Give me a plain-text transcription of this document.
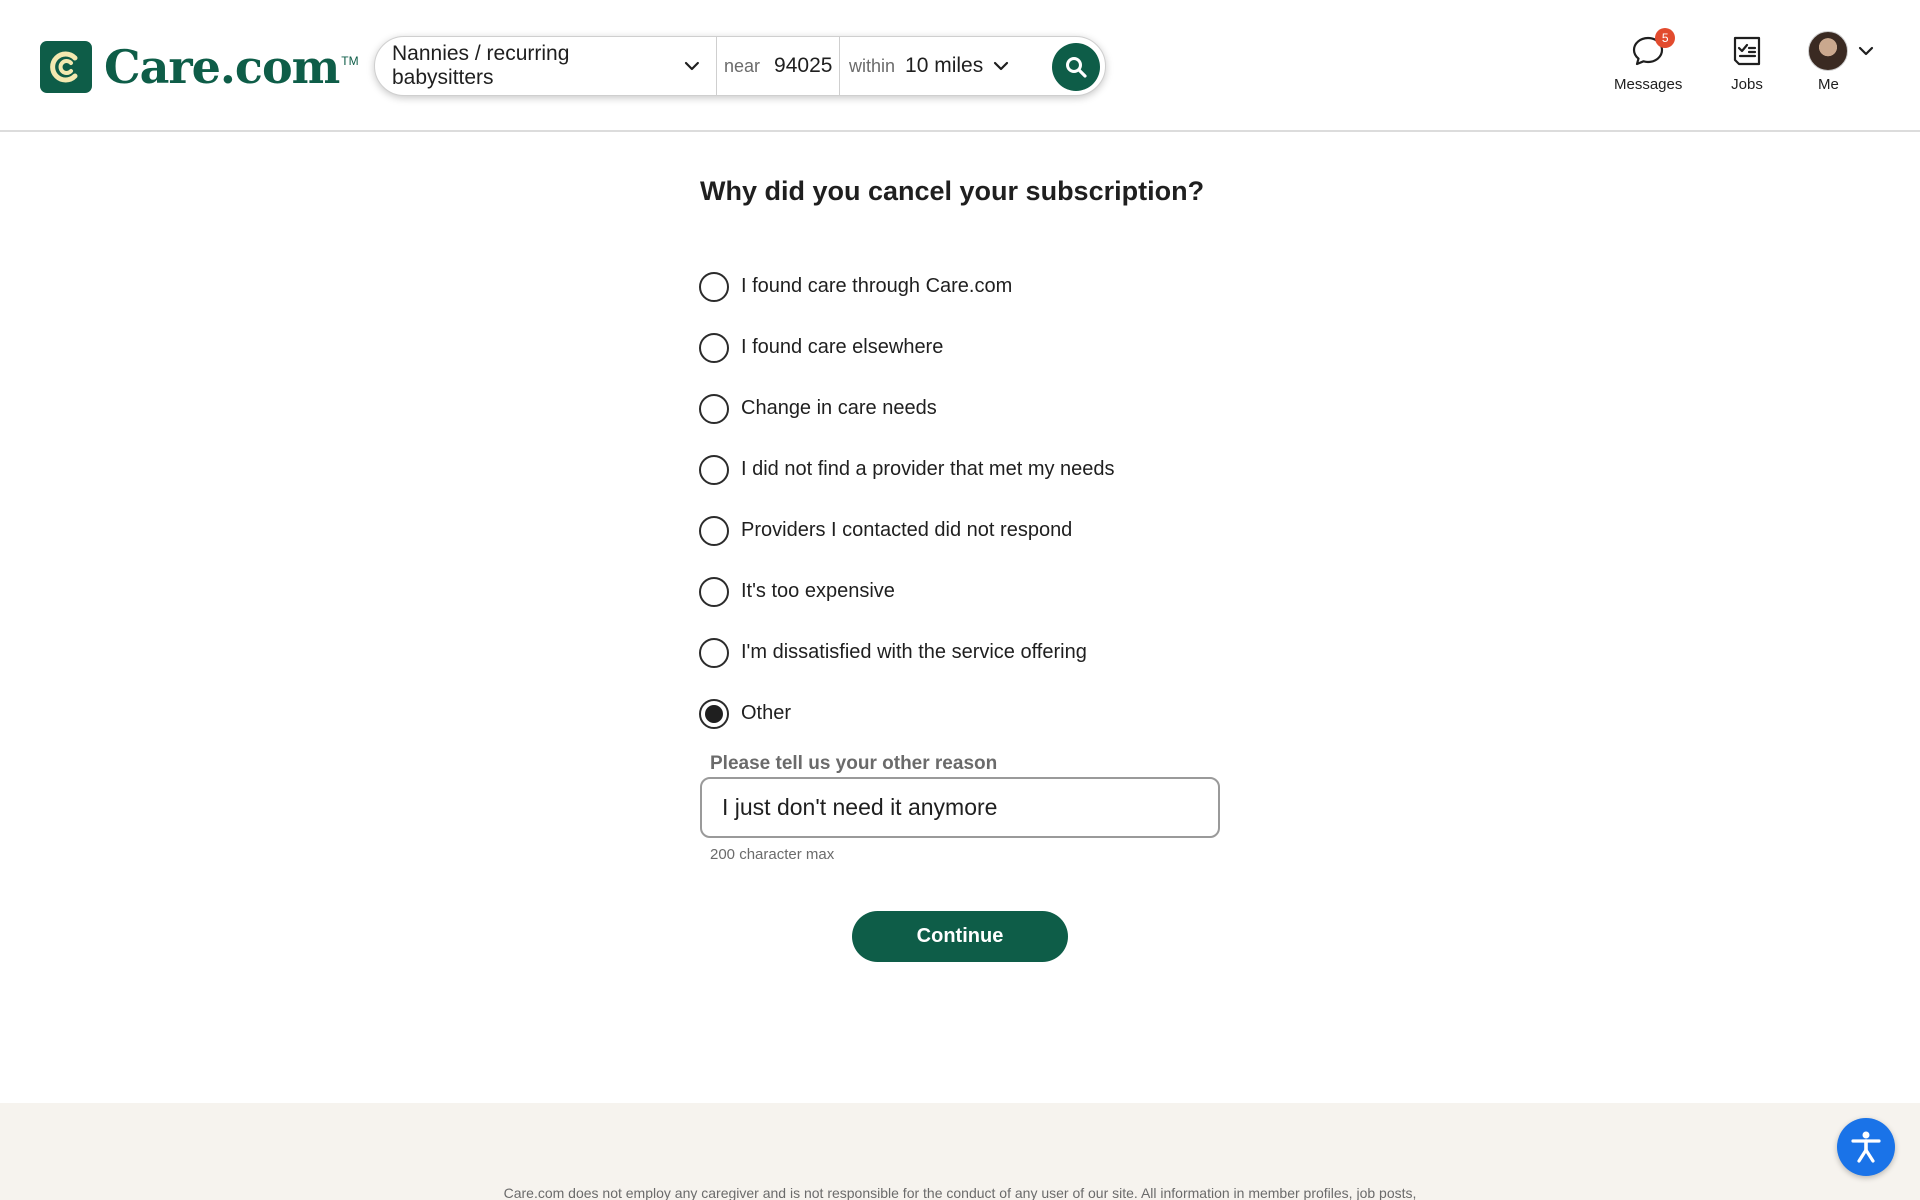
Care.com TM Nannies / recurring babysitters
near 94025 within 10 miles
5
Messages	Jobs	Me
Why did you cancel your subscription?
I found care through Care.com
I found care elsewhere
Change in care needs
I did not find a provider that met my needs
Providers I contacted did not respond
It's too expensive
I'm dissatisfied with the service offering
Other
Please tell us your other reason
I just don't need it anymore
200 character max
Continue
Care.com does not employ any caregiver and is not responsible for the conduct of any user of our site. All information in member profiles, job posts,
